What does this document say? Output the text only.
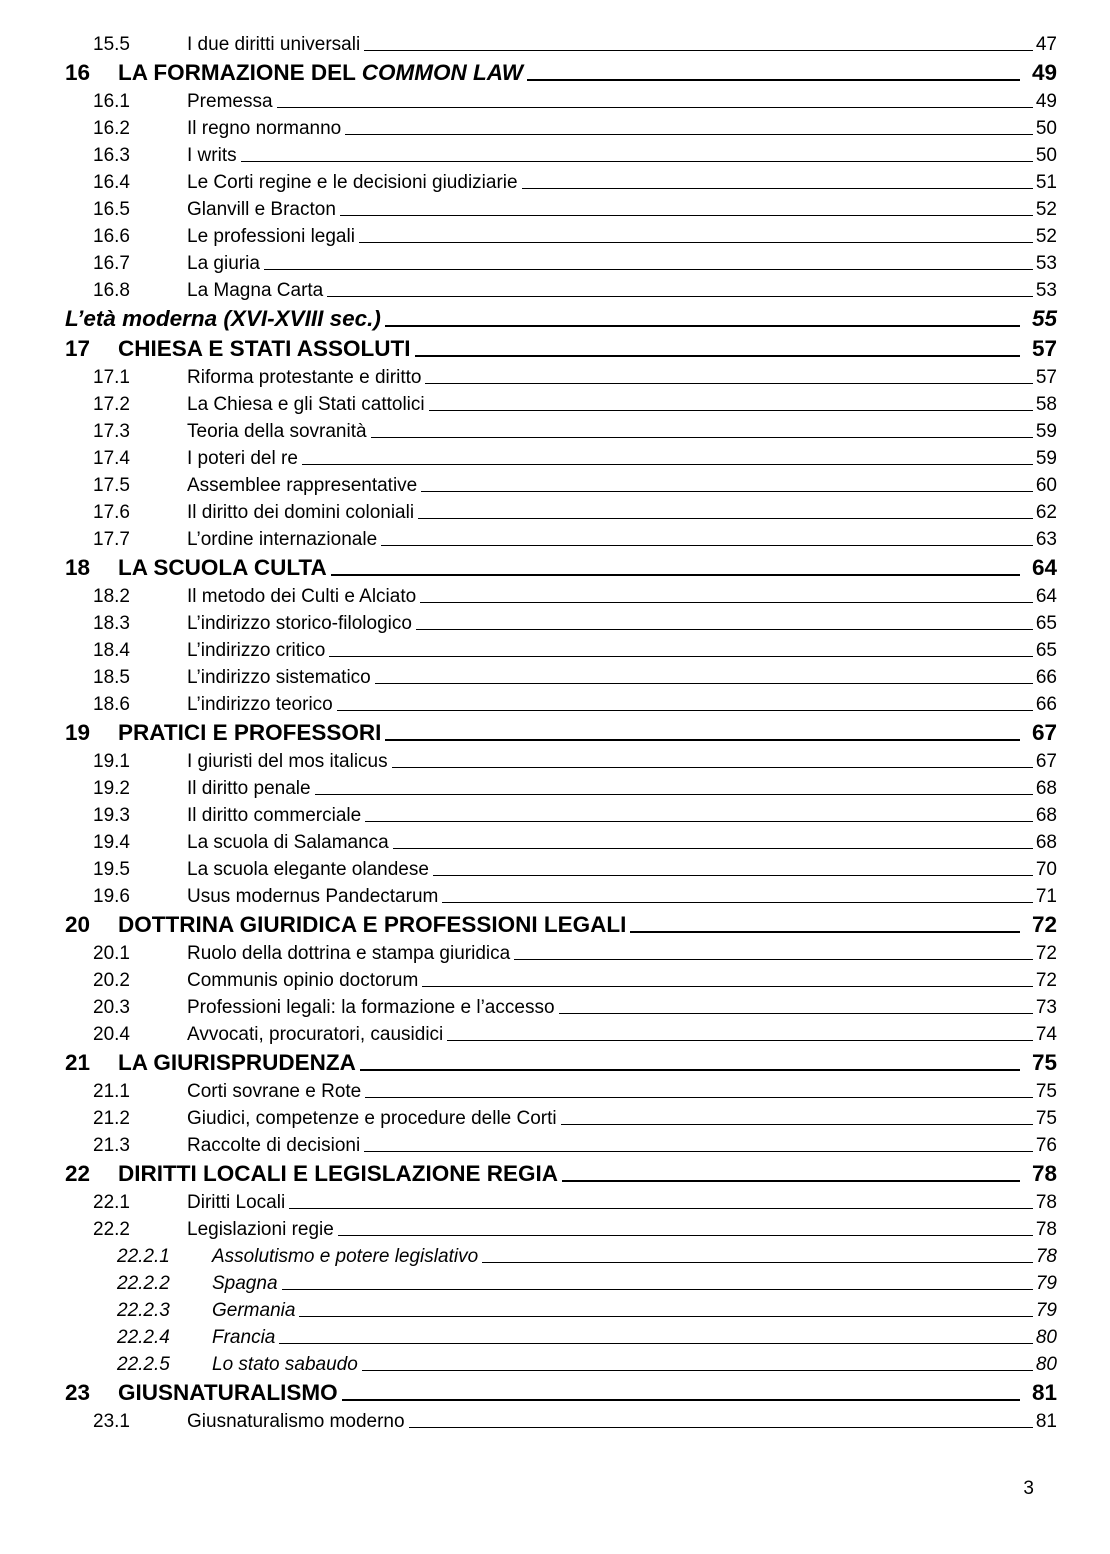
15.5	I due diritti universali	47
16	LA FORMAZIONE DEL COMMON LAW	49
16.1	Premessa	49
16.2	Il regno normanno	50
16.3	I writs	50
16.4	Le Corti regine e le decisioni giudiziarie	51
16.5	Glanvill e Bracton	52
16.6	Le professioni legali	52
16.7	La giuria	53
16.8	La Magna Carta	53
L’età moderna (XVI-XVIII sec.)	55
17	CHIESA E STATI ASSOLUTI	57
17.1	Riforma protestante e diritto	57
17.2	La Chiesa e gli Stati cattolici	58
17.3	Teoria della sovranità	59
17.4	I poteri del re	59
17.5	Assemblee rappresentative	60
17.6	Il diritto dei domini coloniali	62
17.7	L’ordine internazionale	63
18	LA SCUOLA CULTA	64
18.2	Il metodo dei Culti e Alciato	64
18.3	L’indirizzo storico-filologico	65
18.4	L’indirizzo critico	65
18.5	L’indirizzo sistematico	66
18.6	L’indirizzo teorico	66
19	PRATICI E PROFESSORI	67
19.1	I giuristi del mos italicus	67
19.2	Il diritto penale	68
19.3	Il diritto commerciale	68
19.4	La scuola di Salamanca	68
19.5	La scuola elegante olandese	70
19.6	Usus modernus Pandectarum	71
20	DOTTRINA GIURIDICA E PROFESSIONI LEGALI	72
20.1	Ruolo della dottrina e stampa giuridica	72
20.2	Communis opinio doctorum	72
20.3	Professioni legali: la formazione e l’accesso	73
20.4	Avvocati, procuratori, causidici	74
21	LA GIURISPRUDENZA	75
21.1	Corti sovrane e Rote	75
21.2	Giudici, competenze e procedure delle Corti	75
21.3	Raccolte di decisioni	76
22	DIRITTI LOCALI E LEGISLAZIONE REGIA	78
22.1	Diritti Locali	78
22.2	Legislazioni regie	78
22.2.1	Assolutismo e potere legislativo	78
22.2.2	Spagna	79
22.2.3	Germania	79
22.2.4	Francia	80
22.2.5	Lo stato sabaudo	80
23	GIUSNATURALISMO	81
23.1	Giusnaturalismo moderno	81
3
